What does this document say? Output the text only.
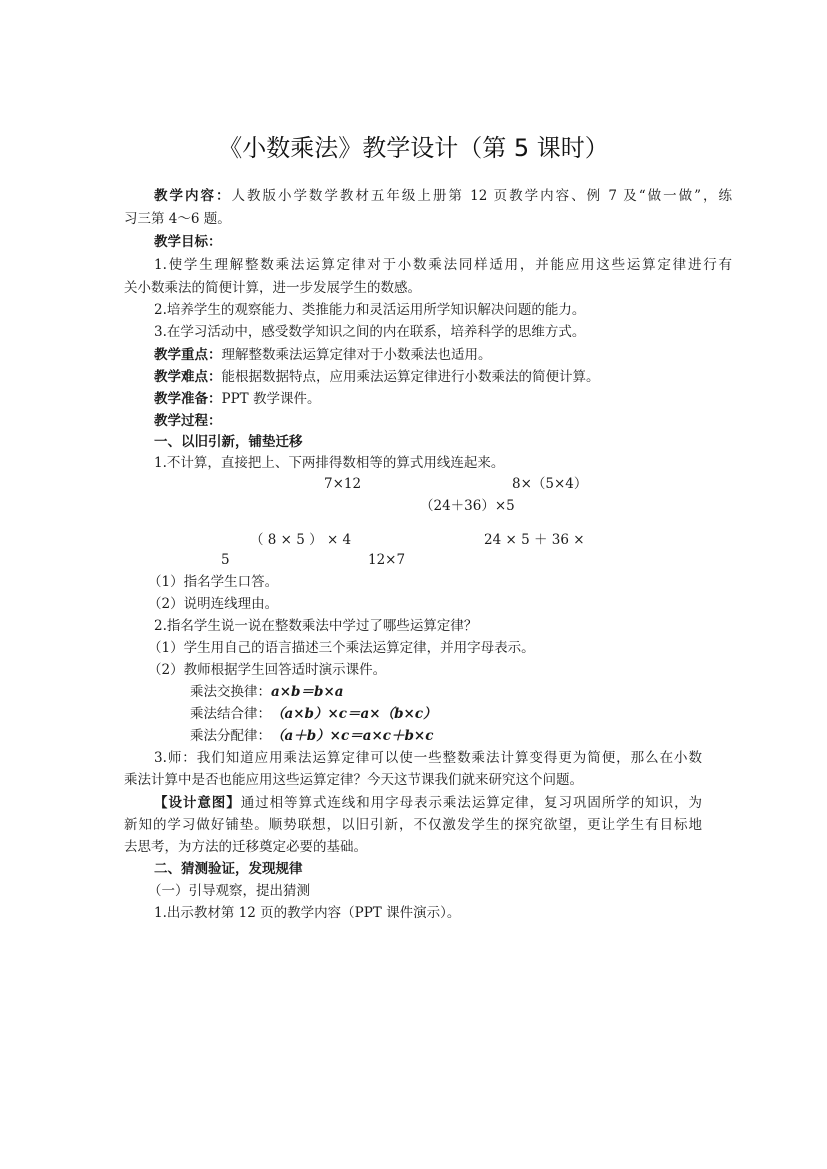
《小数乘法》教学设计（第 5 课时）
教学内容：人教版小学数学教材五年级上册第 12 页教学内容、例 7 及“做一做”，练
习三第 4～6 题。
教学目标：
1.使学生理解整数乘法运算定律对于小数乘法同样适用，并能应用这些运算定律进行有
关小数乘法的简便计算，进一步发展学生的数感。
2.培养学生的观察能力、类推能力和灵活运用所学知识解决问题的能力。
3.在学习活动中，感受数学知识之间的内在联系，培养科学的思维方式。
教学重点：理解整数乘法运算定律对于小数乘法也适用。
教学难点：能根据数据特点，应用乘法运算定律进行小数乘法的简便计算。
教学准备：PPT 教学课件。
教学过程：
一、以旧引新，铺垫迁移
1.不计算，直接把上、下两排得数相等的算式用线连起来。
7×12	8×（5×4）
（24＋36）×5
（ 8 × 5 ） × 4	24 × 5 ＋ 36 ×
5	12×7
（1）指名学生口答。
（2）说明连线理由。
2.指名学生说一说在整数乘法中学过了哪些运算定律？
（1）学生用自己的语言描述三个乘法运算定律，并用字母表示。
（2）教师根据学生回答适时演示课件。
乘法交换律：a×b＝b×a
乘法结合律：（a×b）×c＝a×（b×c）
乘法分配律：（a＋b）×c＝a×c＋b×c
3.师：我们知道应用乘法运算定律可以使一些整数乘法计算变得更为简便，那么在小数
乘法计算中是否也能应用这些运算定律？今天这节课我们就来研究这个问题。
【设计意图】通过相等算式连线和用字母表示乘法运算定律，复习巩固所学的知识，为
新知的学习做好铺垫。顺势联想，以旧引新，不仅激发学生的探究欲望，更让学生有目标地
去思考，为方法的迁移奠定必要的基础。
二、猜测验证，发现规律
（一）引导观察，提出猜测
1.出示教材第 12 页的教学内容（PPT 课件演示）。
